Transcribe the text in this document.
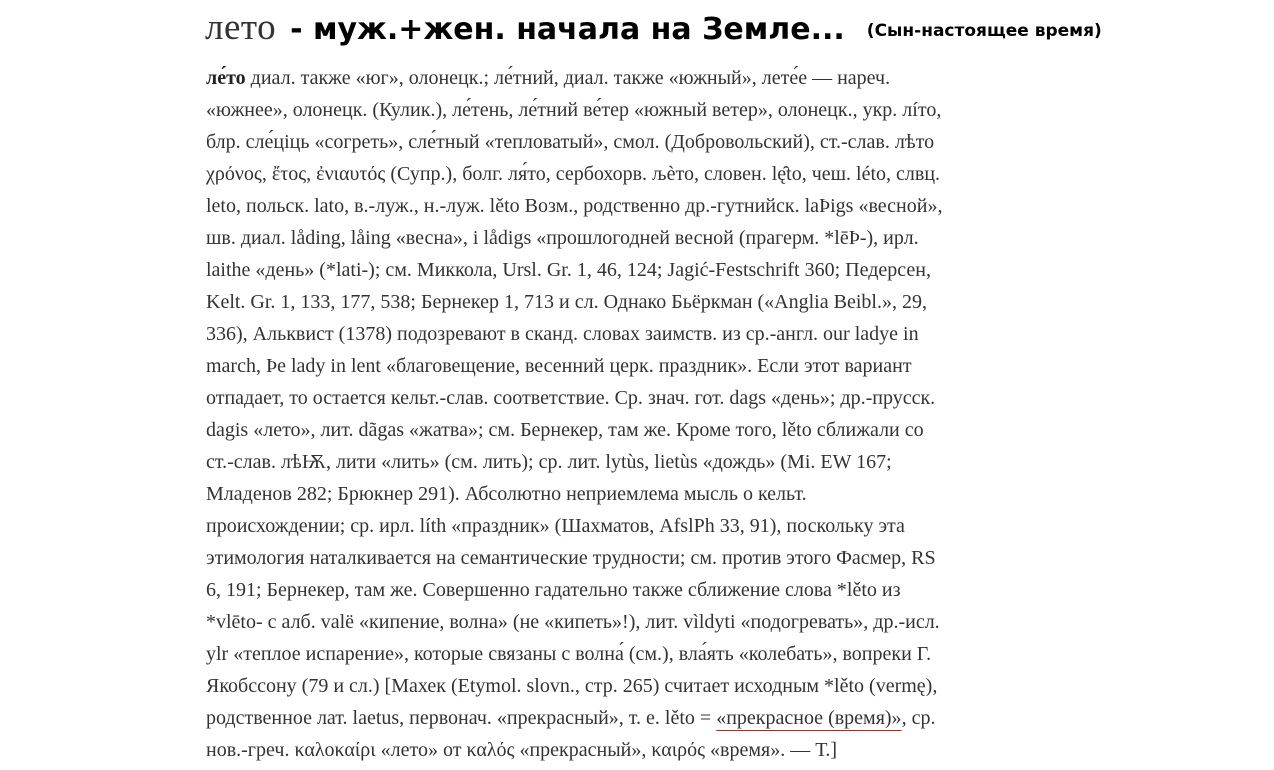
лето - муж.+жен. начала на Земле... (Сын-настоящее время)
ле́то диал. также «юг», олонецк.; ле́тний, диал. также «южный», лете́е — нареч.
«южнее», олонецк. (Кулик.), ле́тень, ле́тний ве́тер «южный ветер», олонецк., укр. лíто,
блр. сле́ціць «согреть», сле́тный «тепловатый», смол. (Добровольский), ст.-слав. лѣто
χρόνος, ἔτος, ἐνιαυτός (Супр.), болг. ля́то, сербохорв. љѐто, словен. lę̑to, чеш. léto, слвц.
leto, польск. lato, в.-луж., н.-луж. lěto Возм., родственно др.-гутнийск. laÞigs «весной»,
шв. диал. låding, låing «весна», i lådigs «прошлогодней весной (прагерм. *lēÞ-), ирл.
laithe «день» (*lati-); см. Миккола, Ursl. Gr. 1, 46, 124; Jagić-Festschrift 360; Педерсен,
Kelt. Gr. 1, 133, 177, 538; Бернекер 1, 713 и сл. Однако Бьёркман («Anglia Beibl.», 29,
336), Альквист (1378) подозревают в сканд. словах заимств. из ср.-англ. our ladye in
march, Þe lady in lent «благовещение, весенний церк. праздник». Если этот вариант
отпадает, то остается кельт.-слав. соответствие. Ср. знач. гот. dags «день»; др.-прусск.
dagis «лето», лит. dãgas «жатва»; см. Бернекер, там же. Кроме того, lěto сближали со
ст.-слав. лѣѬ, лити «лить» (см. лить); ср. лит. lytùs, lietùs «дождь» (Mi. EW 167;
Младенов 282; Брюкнер 291). Абсолютно неприемлема мысль о кельт.
происхождении; ср. ирл. líth «праздник» (Шахматов, AfslPh 33, 91), поскольку эта
этимология наталкивается на семантические трудности; см. против этого Фасмер, RS
6, 191; Бернекер, там же. Совершенно гадательно также сближение слова *lěto из
*vlēto- с алб. valë «кипение, волна» (не «кипеть»!), лит. vìldyti «подогревать», др.-исл.
ylr «теплое испарение», которые связаны с волна́ (см.), вла́ять «колебать», вопреки Г.
Якобссону (79 и сл.) [Махек (Etymol. slovn., стр. 265) считает исходным *lěto (vermę),
родственное лат. laetus, первонач. «прекрасный», т. е. lěto = «прекрасное (время)», ср.
нов.-греч. καλοκαίρι «лето» от καλός «прекрасный», καιρός «время». — Т.]
